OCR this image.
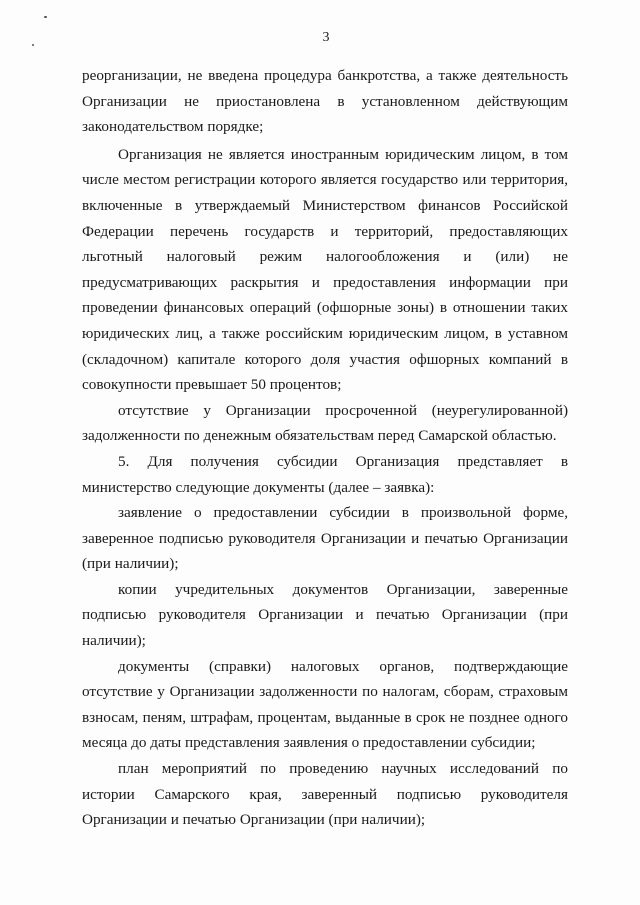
3

реорганизации, не введена процедура банкротства, а также деятельность Организации не приостановлена в установленном действующим законодательством порядке;

Организация не является иностранным юридическим лицом, в том числе местом регистрации которого является государство или территория, включенные в утверждаемый Министерством финансов Российской Федерации перечень государств и территорий, предоставляющих льготный налоговый режим налогообложения и (или) не предусматривающих раскрытия и предоставления информации при проведении финансовых операций (офшорные зоны) в отношении таких юридических лиц, а также российским юридическим лицом, в уставном (складочном) капитале которого доля участия офшорных компаний в совокупности превышает 50 процентов;

отсутствие у Организации просроченной (неурегулированной) задолженности по денежным обязательствам перед Самарской областью.

5. Для получения субсидии Организация представляет в министерство следующие документы (далее – заявка):

заявление о предоставлении субсидии в произвольной форме, заверенное подписью руководителя Организации и печатью Организации (при наличии);

копии учредительных документов Организации, заверенные подписью руководителя Организации и печатью Организации (при наличии);

документы (справки) налоговых органов, подтверждающие отсутствие у Организации задолженности по налогам, сборам, страховым взносам, пеням, штрафам, процентам, выданные в срок не позднее одного месяца до даты представления заявления о предоставлении субсидии;

план мероприятий по проведению научных исследований по истории Самарского края, заверенный подписью руководителя Организации и печатью Организации (при наличии);
